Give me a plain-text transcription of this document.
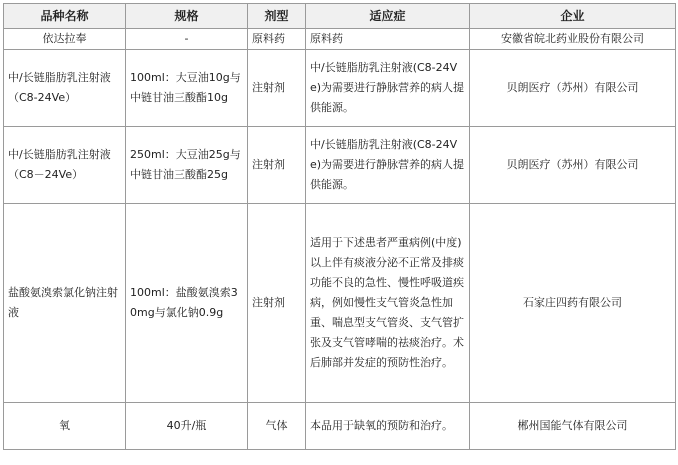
品种名称	规格	剂型	适应症	企业
依达拉奉	-	原料药	原料药	安徽省皖北药业股份有限公司
中/长链脂肪乳注射液（C8-24Ve）	100ml：大豆油10g与中链甘油三酸酯10g	注射剂	中/长链脂肪乳注射液(C8-24Ve)为需要进行静脉营养的病人提供能源。	贝朗医疗（苏州）有限公司
中/长链脂肪乳注射液（C8－24Ve）	250ml：大豆油25g与中链甘油三酸酯25g	注射剂	中/长链脂肪乳注射液(C8-24Ve)为需要进行静脉营养的病人提供能源。	贝朗医疗（苏州）有限公司
盐酸氨溴索氯化钠注射液	100ml：盐酸氨溴索30mg与氯化钠0.9g	注射剂	适用于下述患者严重病例(中度)以上伴有痰液分泌不正常及排痰功能不良的急性、慢性呼吸道疾病，例如慢性支气管炎急性加重、喘息型支气管炎、支气管扩张及支气管哮喘的祛痰治疗。术后肺部并发症的预防性治疗。	石家庄四药有限公司
氧	40升/瓶	气体	本品用于缺氧的预防和治疗。	郴州国能气体有限公司
